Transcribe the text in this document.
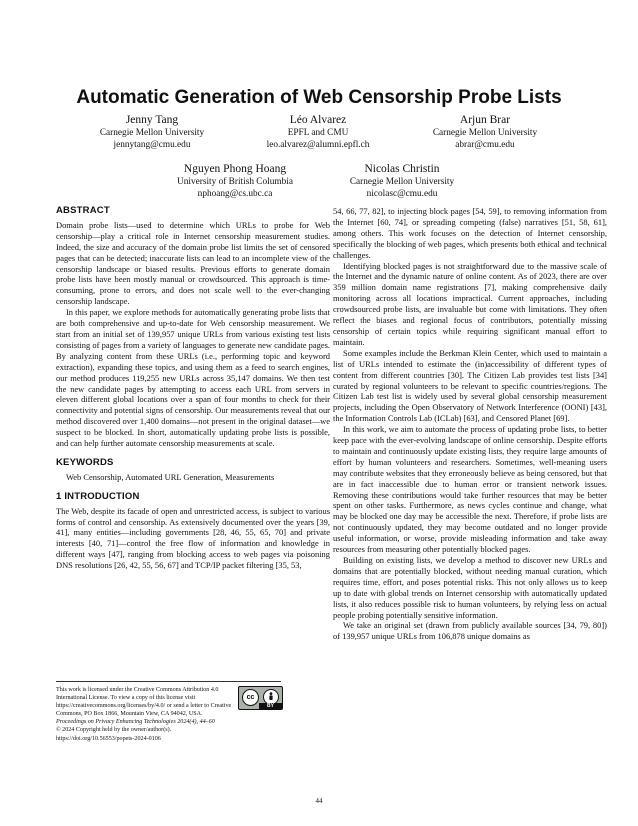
Automatic Generation of Web Censorship Probe Lists
Jenny Tang
Carnegie Mellon University
jennytang@cmu.edu
Léo Alvarez
EPFL and CMU
leo.alvarez@alumni.epfl.ch
Arjun Brar
Carnegie Mellon University
abrar@cmu.edu
Nguyen Phong Hoang
University of British Columbia
nphoang@cs.ubc.ca
Nicolas Christin
Carnegie Mellon University
nicolasc@cmu.edu
ABSTRACT

Domain probe lists—used to determine which URLs to probe for Web censorship—play a critical role in Internet censorship measurement studies. Indeed, the size and accuracy of the domain probe list limits the set of censored pages that can be detected; inaccurate lists can lead to an incomplete view of the censorship landscape or biased results. Previous efforts to generate domain probe lists have been mostly manual or crowdsourced. This approach is time-consuming, prone to errors, and does not scale well to the ever-changing censorship landscape.

In this paper, we explore methods for automatically generating probe lists that are both comprehensive and up-to-date for Web censorship measurement. We start from an initial set of 139,957 unique URLs from various existing test lists consisting of pages from a variety of languages to generate new candidate pages. By analyzing content from these URLs (i.e., performing topic and keyword extraction), expanding these topics, and using them as a feed to search engines, our method produces 119,255 new URLs across 35,147 domains. We then test the new candidate pages by attempting to access each URL from servers in eleven different global locations over a span of four months to check for their connectivity and potential signs of censorship. Our measurements reveal that our method discovered over 1,400 domains—not present in the original dataset—we suspect to be blocked. In short, automatically updating probe lists is possible, and can help further automate censorship measurements at scale.

KEYWORDS

Web Censorship, Automated URL Generation, Measurements

1 INTRODUCTION

The Web, despite its facade of open and unrestricted access, is subject to various forms of control and censorship. As extensively documented over the years [39, 41], many entities—including governments [28, 46, 55, 65, 70] and private interests [40, 71]—control the free flow of information and knowledge in different ways [47], ranging from blocking access to web pages via poisoning DNS resolutions [26, 42, 55, 56, 67] and TCP/IP packet filtering [35, 53,

54, 66, 77, 82], to injecting block pages [54, 59], to removing information from the Internet [60, 74], or spreading competing (false) narratives [51, 58, 61], among others. This work focuses on the detection of Internet censorship, specifically the blocking of web pages, which presents both ethical and technical challenges.

Identifying blocked pages is not straightforward due to the massive scale of the Internet and the dynamic nature of online content. As of 2023, there are over 359 million domain name registrations [7], making comprehensive daily monitoring across all locations impractical. Current approaches, including crowdsourced probe lists, are invaluable but come with limitations. They often reflect the biases and regional focus of contributors, potentially missing censorship of certain topics while requiring significant manual effort to maintain.

Some examples include the Berkman Klein Center, which used to maintain a list of URLs intended to estimate the (in)accessibility of different types of content from different countries [30]. The Citizen Lab provides test lists [34] curated by regional volunteers to be relevant to specific countries/regions. The Citizen Lab test list is widely used by several global censorship measurement projects, including the Open Observatory of Network Interference (OONI) [43], the Information Controls Lab (ICLab) [63], and Censored Planet [69].

In this work, we aim to automate the process of updating probe lists, to better keep pace with the ever-evolving landscape of online censorship. Despite efforts to maintain and continuously update existing lists, they require large amounts of effort by human volunteers and researchers. Sometimes, well-meaning users may contribute websites that they erroneously believe as being censored, but that are in fact inaccessible due to human error or transient network issues. Removing these contributions would take further resources that may be better spent on other tasks. Furthermore, as news cycles continue and change, what may be blocked one day may be accessible the next. Therefore, if probe lists are not continuously updated, they may become outdated and no longer provide useful information, or worse, provide misleading information and take away resources from measuring other potentially blocked pages.

Building on existing lists, we develop a method to discover new URLs and domains that are potentially blocked, without needing manual curation, which requires time, effort, and poses potential risks. This not only allows us to keep up to date with global trends on Internet censorship with automatically updated lists, it also reduces possible risk to human volunteers, by relying less on actual people probing potentially sensitive information.

We take an original set (drawn from publicly available sources [34, 79, 80]) of 139,957 unique URLs from 106,878 unique domains as

This work is licensed under the Creative Commons Attribution 4.0 International License. To view a copy of this license visit https://creativecommons.org/licenses/by/4.0/ or send a letter to Creative Commons, PO Box 1866, Mountain View, CA 94042, USA.
cc
BY
Proceedings on Privacy Enhancing Technologies 2024(4), 44–60
© 2024 Copyright held by the owner/author(s).
https://doi.org/10.56553/popets-2024-0106
44
